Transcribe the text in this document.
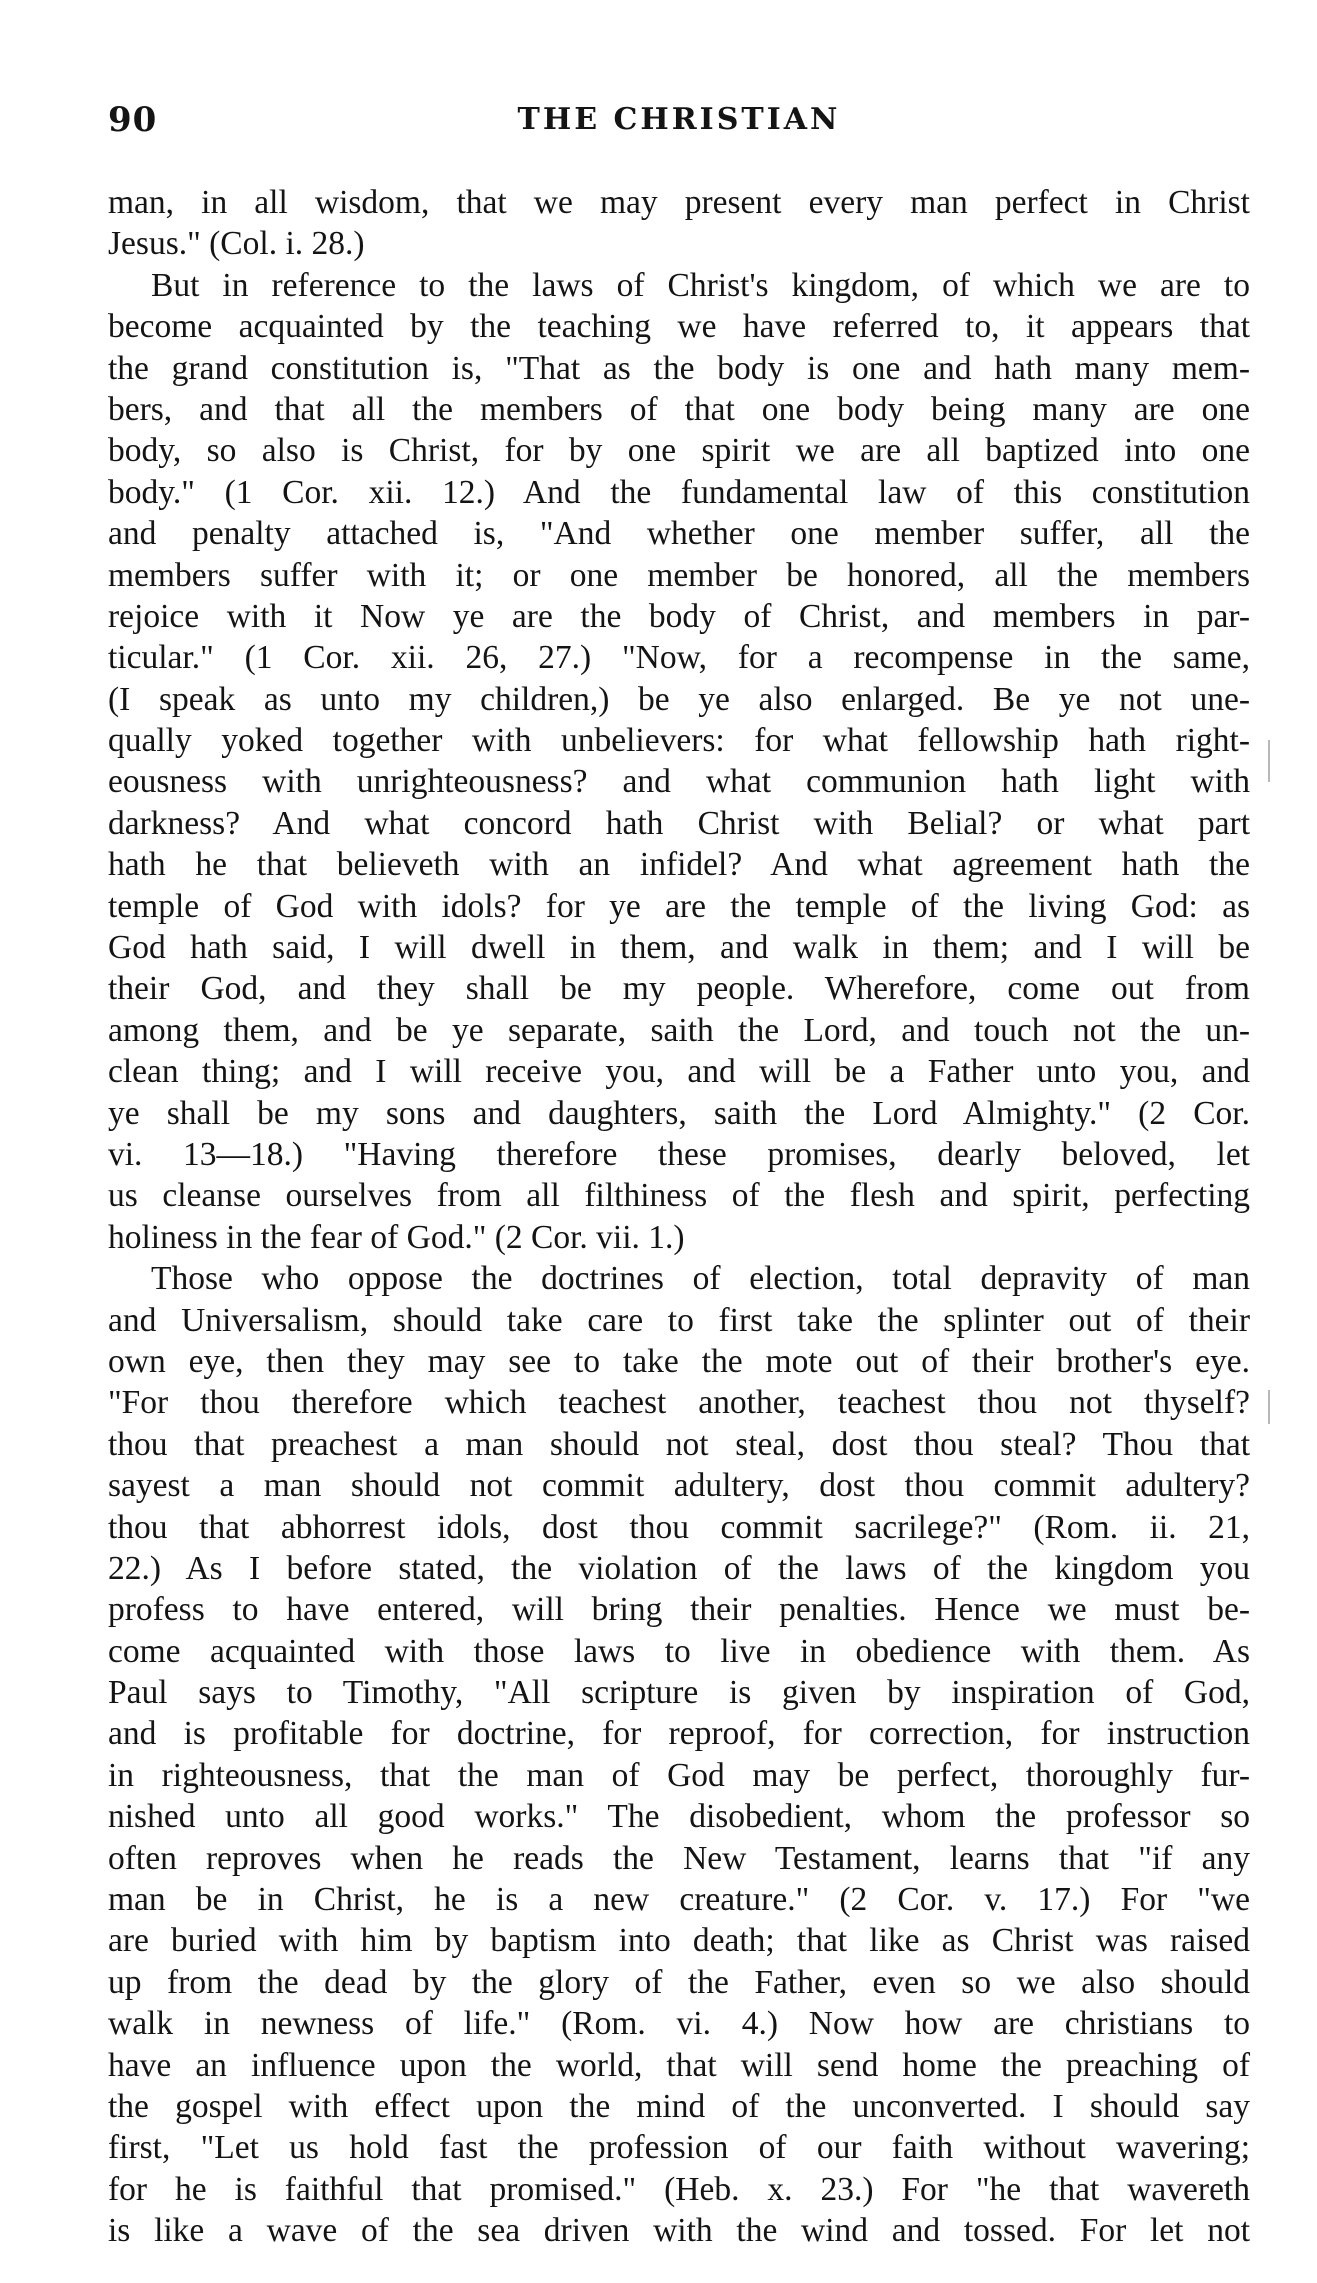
90	THE CHRISTIAN
man, in all wisdom, that we may present every man perfect in Christ
Jesus." (Col. i. 28.)
But in reference to the laws of Christ's kingdom, of which we are to
become acquainted by the teaching we have referred to, it appears that
the grand constitution is, "That as the body is one and hath many mem-
bers, and that all the members of that one body being many are one
body, so also is Christ, for by one spirit we are all baptized into one
body." (1 Cor. xii. 12.) And the fundamental law of this constitution
and penalty attached is, "And whether one member suffer, all the
members suffer with it; or one member be honored, all the members
rejoice with it Now ye are the body of Christ, and members in par-
ticular." (1 Cor. xii. 26, 27.) "Now, for a recompense in the same,
(I speak as unto my children,) be ye also enlarged. Be ye not une-
qually yoked together with unbelievers: for what fellowship hath right-
eousness with unrighteousness? and what communion hath light with
darkness? And what concord hath Christ with Belial? or what part
hath he that believeth with an infidel? And what agreement hath the
temple of God with idols? for ye are the temple of the living God: as
God hath said, I will dwell in them, and walk in them; and I will be
their God, and they shall be my people. Wherefore, come out from
among them, and be ye separate, saith the Lord, and touch not the un-
clean thing; and I will receive you, and will be a Father unto you, and
ye shall be my sons and daughters, saith the Lord Almighty." (2 Cor.
vi. 13—18.) "Having therefore these promises, dearly beloved, let
us cleanse ourselves from all filthiness of the flesh and spirit, perfecting
holiness in the fear of God." (2 Cor. vii. 1.)
Those who oppose the doctrines of election, total depravity of man
and Universalism, should take care to first take the splinter out of their
own eye, then they may see to take the mote out of their brother's eye.
"For thou therefore which teachest another, teachest thou not thyself?
thou that preachest a man should not steal, dost thou steal? Thou that
sayest a man should not commit adultery, dost thou commit adultery?
thou that abhorrest idols, dost thou commit sacrilege?" (Rom. ii. 21,
22.) As I before stated, the violation of the laws of the kingdom you
profess to have entered, will bring their penalties. Hence we must be-
come acquainted with those laws to live in obedience with them. As
Paul says to Timothy, "All scripture is given by inspiration of God,
and is profitable for doctrine, for reproof, for correction, for instruction
in righteousness, that the man of God may be perfect, thoroughly fur-
nished unto all good works." The disobedient, whom the professor so
often reproves when he reads the New Testament, learns that "if any
man be in Christ, he is a new creature." (2 Cor. v. 17.) For "we
are buried with him by baptism into death; that like as Christ was raised
up from the dead by the glory of the Father, even so we also should
walk in newness of life." (Rom. vi. 4.) Now how are christians to
have an influence upon the world, that will send home the preaching of
the gospel with effect upon the mind of the unconverted. I should say
first, "Let us hold fast the profession of our faith without wavering;
for he is faithful that promised." (Heb. x. 23.) For "he that wavereth
is like a wave of the sea driven with the wind and tossed. For let not
